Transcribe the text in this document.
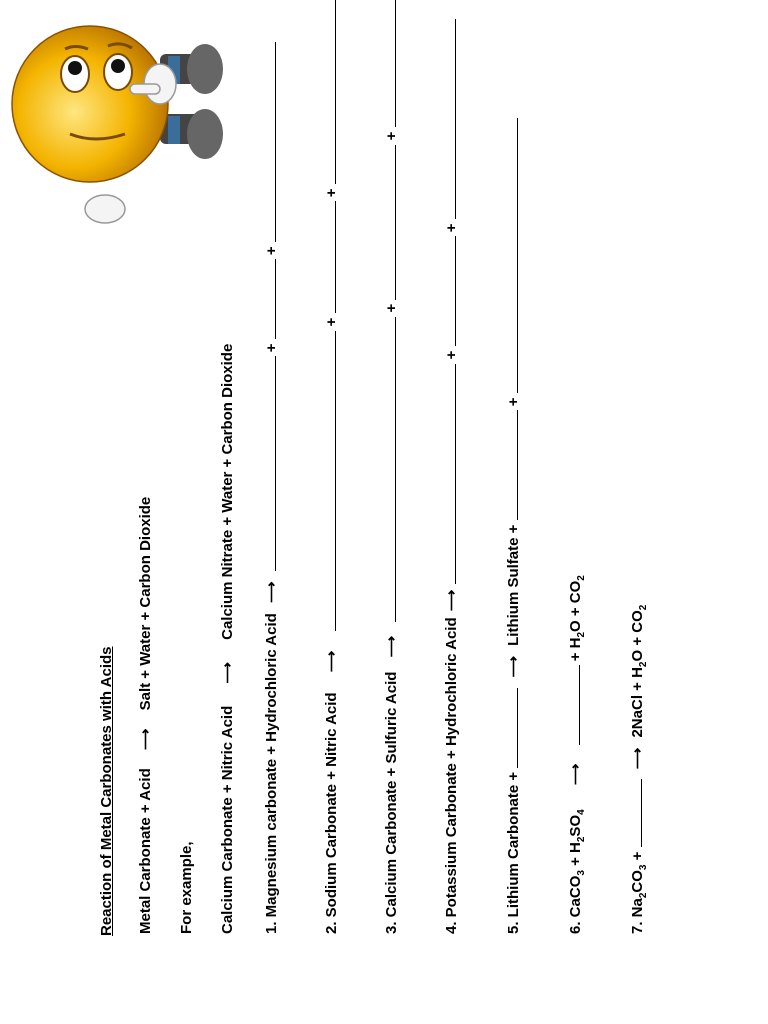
Reaction of Metal Carbonates with Acids Metal Carbonate + Acid ⟶ Salt + Water + Carbon Dioxide
For example, Calcium Carbonate + Nitric Acid ⟶ Calcium Nitrate + Water + Carbon Dioxide
1. Magnesium carbonate + Hydrochloric Acid ⟶  +  +
2. Sodium Carbonate + Nitric Acid ⟶  +  +
3. Calcium Carbonate + Sulfuric Acid ⟶  +  +
4. Potassium Carbonate + Hydrochloric Acid ⟶  +  +
5. Lithium Carbonate +  ⟶ Lithium Sulfate +  +
6. CaCO$_3$ + $H_2SO_4$ ⟶  + $H_2O + CO_2$
7. $Na_2CO_3$ +  ⟶ 2NaCl + $H_2O + CO_2$
